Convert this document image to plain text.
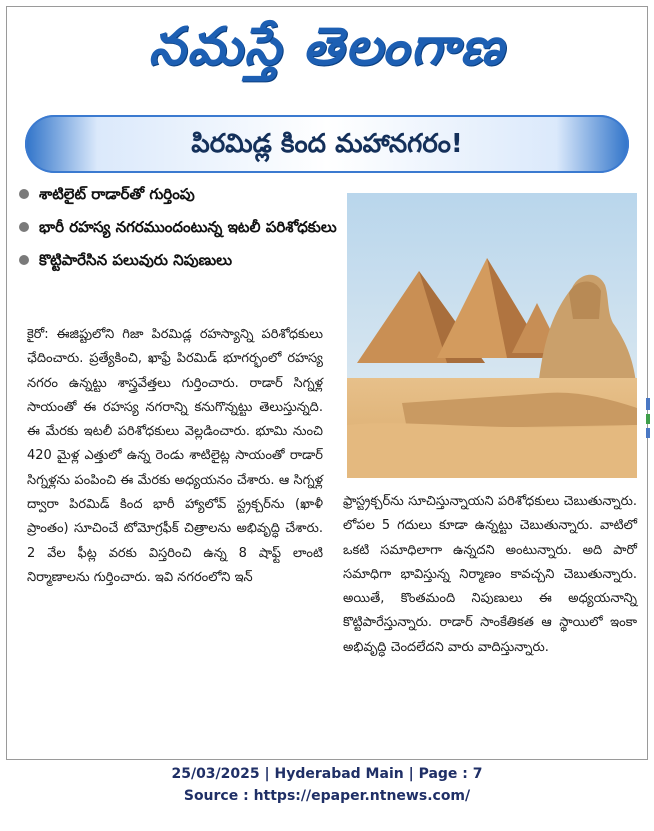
నమస్తే తెలంగాణ
పిరమిడ్ల కింద మహానగరం!
శాటిలైట్ రాడార్‌తో గుర్తింపు
భారీ రహస్య నగరముందంటున్న ఇటలీ పరిశోధకులు
కొట్టిపారేసిన పలువురు నిపుణులు
కైరో: ఈజిప్టులోని గిజా పిరమిడ్ల రహస్యాన్ని పరిశోధకులు ఛేదించారు. ప్రత్యేకించి, ఖాఫ్రే పిరమిడ్ భూగర్భంలో రహస్య నగరం ఉన్నట్టు శాస్త్రవేత్తలు గుర్తించారు. రాడార్ సిగ్నళ్ల సాయంతో ఈ రహస్య నగరాన్ని కనుగొన్నట్టు తెలుస్తున్నది. ఈ మేరకు ఇటలీ పరిశోధకులు వెల్లడించారు. భూమి నుంచి 420 మైళ్ల ఎత్తులో ఉన్న రెండు శాటిలైట్ల సాయంతో రాడార్ సిగ్నళ్లను పంపించి ఈ మేరకు అధ్యయనం చేశారు. ఆ సిగ్నళ్ల ద్వారా పిరమిడ్ కింద భారీ హ్యాలోవ్ స్ట్రక్చర్‌ను (ఖాళీ ప్రాంతం) సూచించే టోమోగ్రఫీక్ చిత్రాలను అభివృద్ధి చేశారు. 2 వేల ఫీట్ల వరకు విస్తరించి ఉన్న 8 షాఫ్ట్ లాంటి నిర్మాణాలను గుర్తించారు. ఇవి నగరంలోని ఇన్
ఫ్రాస్ట్రక్చర్‌ను సూచిస్తున్నాయని పరిశోధకులు చెబుతున్నారు. లోపల 5 గదులు కూడా ఉన్నట్టు చెబుతున్నారు. వాటిలో ఒకటి సమాధిలాగా ఉన్నదని అంటున్నారు. అది పారో సమాధిగా భావిస్తున్న నిర్మాణం కావచ్చని చెబుతున్నారు. అయితే, కొంతమంది నిపుణులు ఈ అధ్యయనాన్ని కొట్టిపారేస్తున్నారు. రాడార్ సాంకేతికత ఆ స్థాయిలో ఇంకా అభివృద్ధి చెందలేదని వారు వాదిస్తున్నారు.
25/03/2025 | Hyderabad Main | Page : 7
Source : https://epaper.ntnews.com/
